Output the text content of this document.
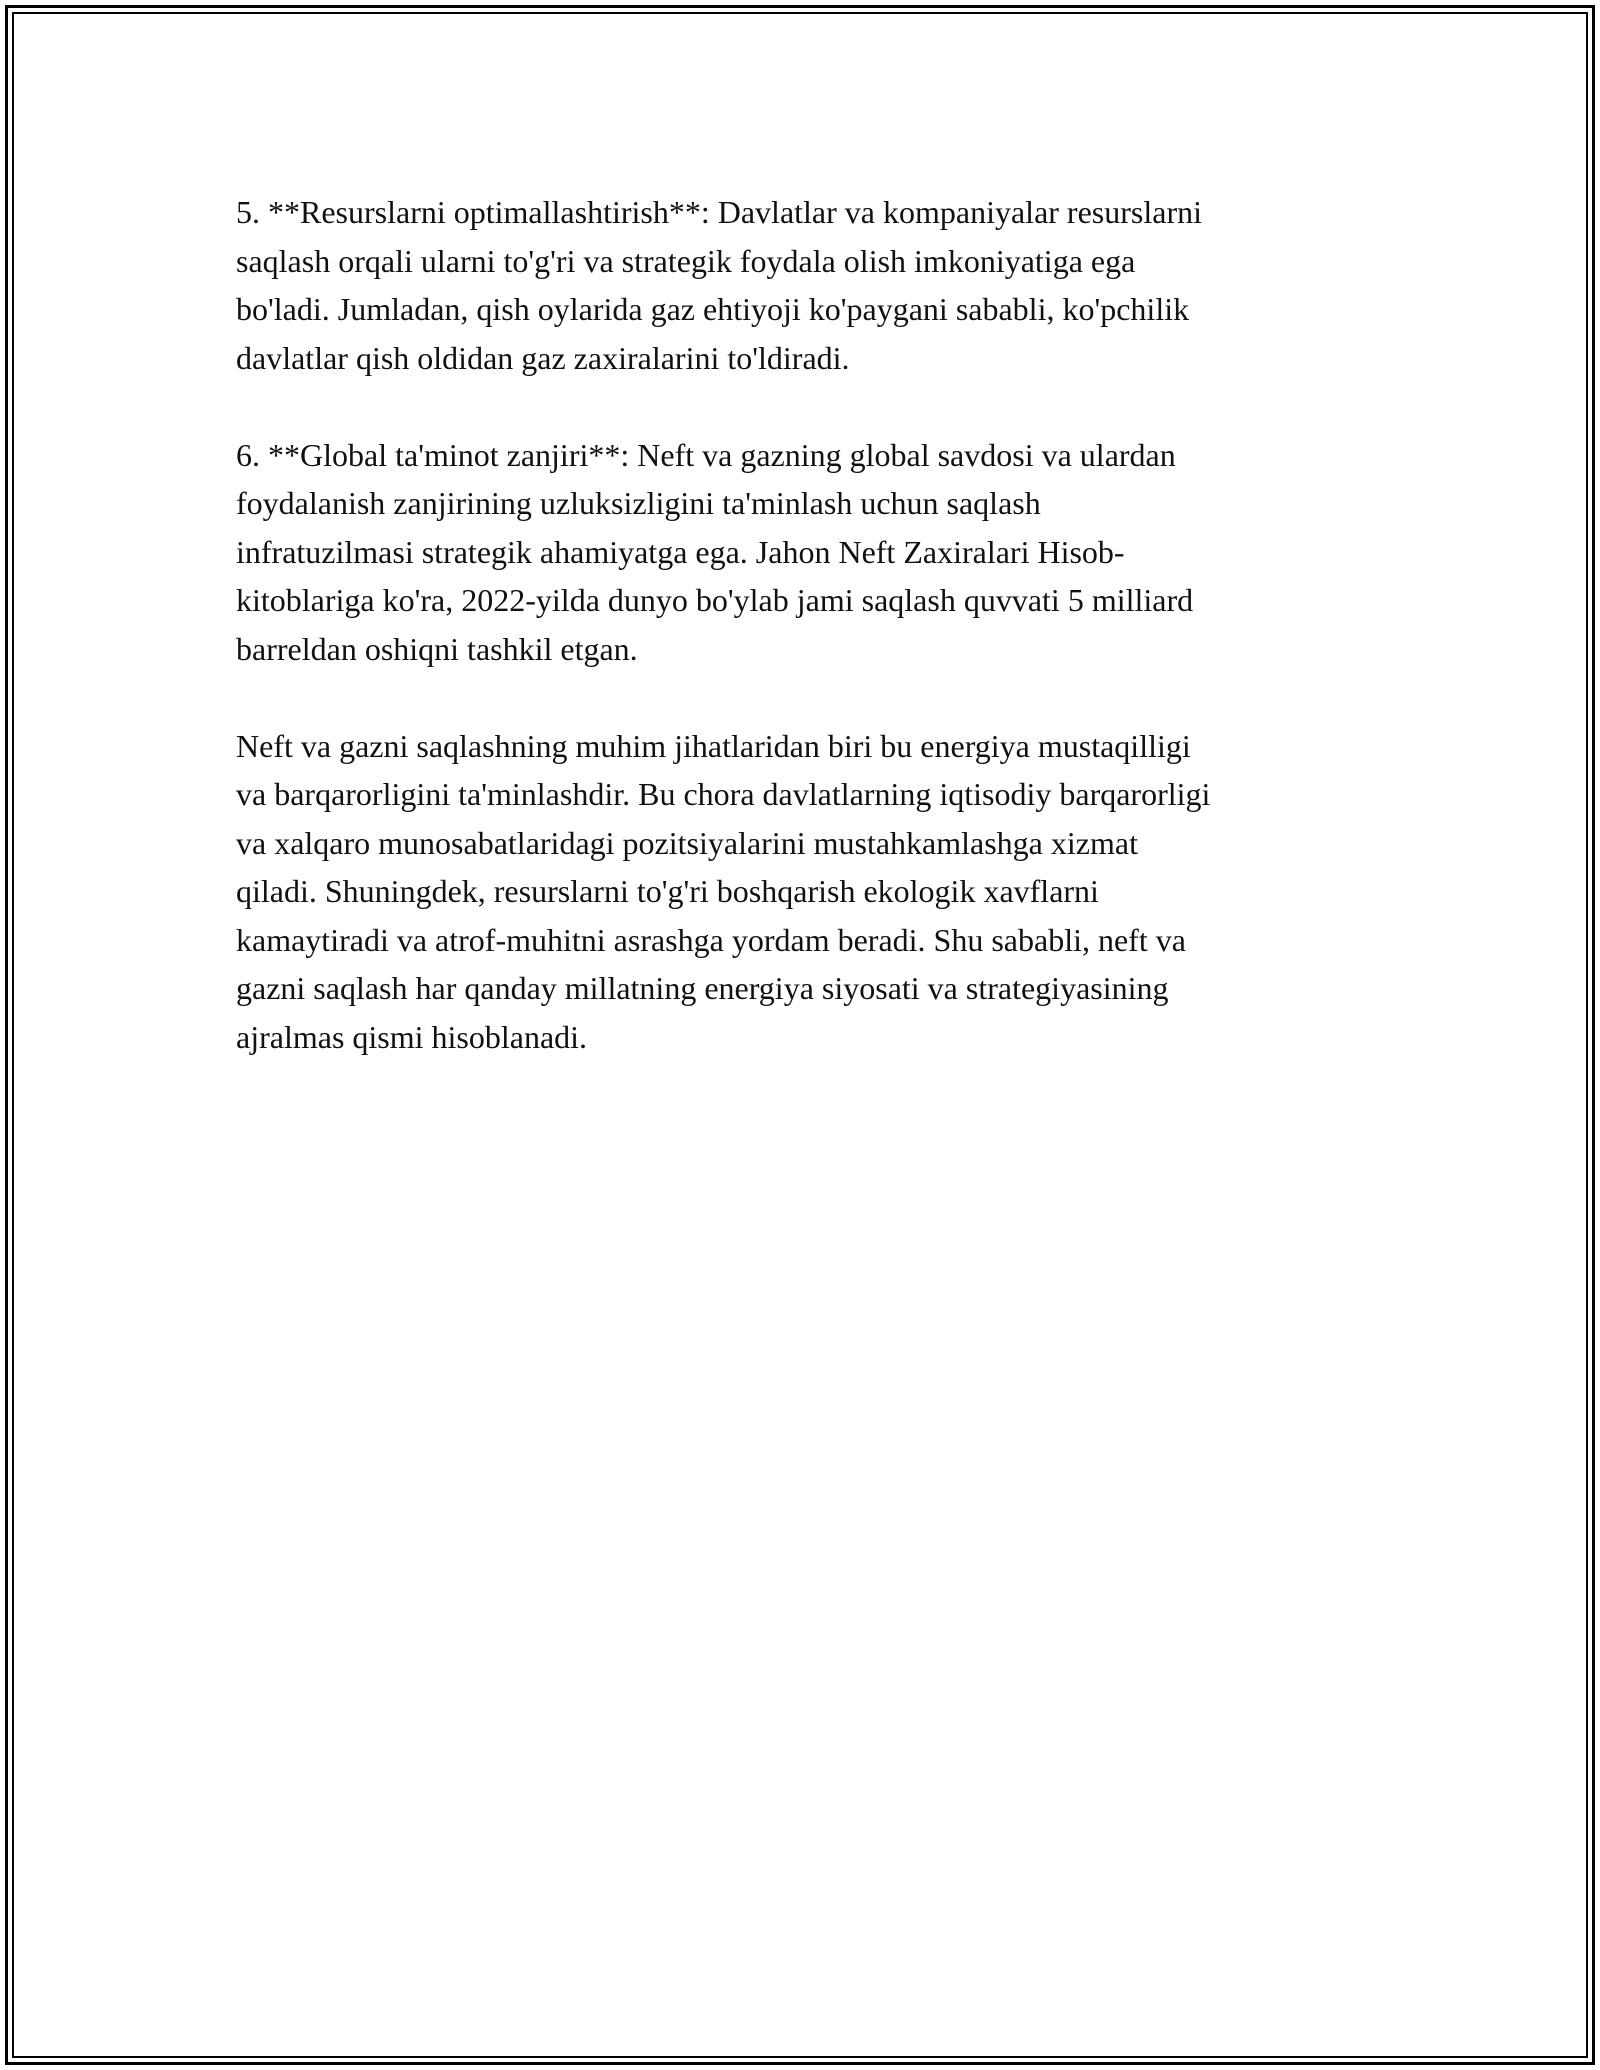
5. **Resurslarni optimallashtirish**: Davlatlar va kompaniyalar resurslarni
saqlash orqali ularni to'g'ri va strategik foydala olish imkoniyatiga ega
bo'ladi. Jumladan, qish oylarida gaz ehtiyoji ko'paygani sababli, ko'pchilik
davlatlar qish oldidan gaz zaxiralarini to'ldiradi.

6. **Global ta'minot zanjiri**: Neft va gazning global savdosi va ulardan
foydalanish zanjirining uzluksizligini ta'minlash uchun saqlash
infratuzilmasi strategik ahamiyatga ega. Jahon Neft Zaxiralari Hisob-
kitoblariga ko'ra, 2022-yilda dunyo bo'ylab jami saqlash quvvati 5 milliard
barreldan oshiqni tashkil etgan.

Neft va gazni saqlashning muhim jihatlaridan biri bu energiya mustaqilligi
va barqarorligini ta'minlashdir. Bu chora davlatlarning iqtisodiy barqarorligi
va xalqaro munosabatlaridagi pozitsiyalarini mustahkamlashga xizmat
qiladi. Shuningdek, resurslarni to'g'ri boshqarish ekologik xavflarni
kamaytiradi va atrof-muhitni asrashga yordam beradi. Shu sababli, neft va
gazni saqlash har qanday millatning energiya siyosati va strategiyasining
ajralmas qismi hisoblanadi.
